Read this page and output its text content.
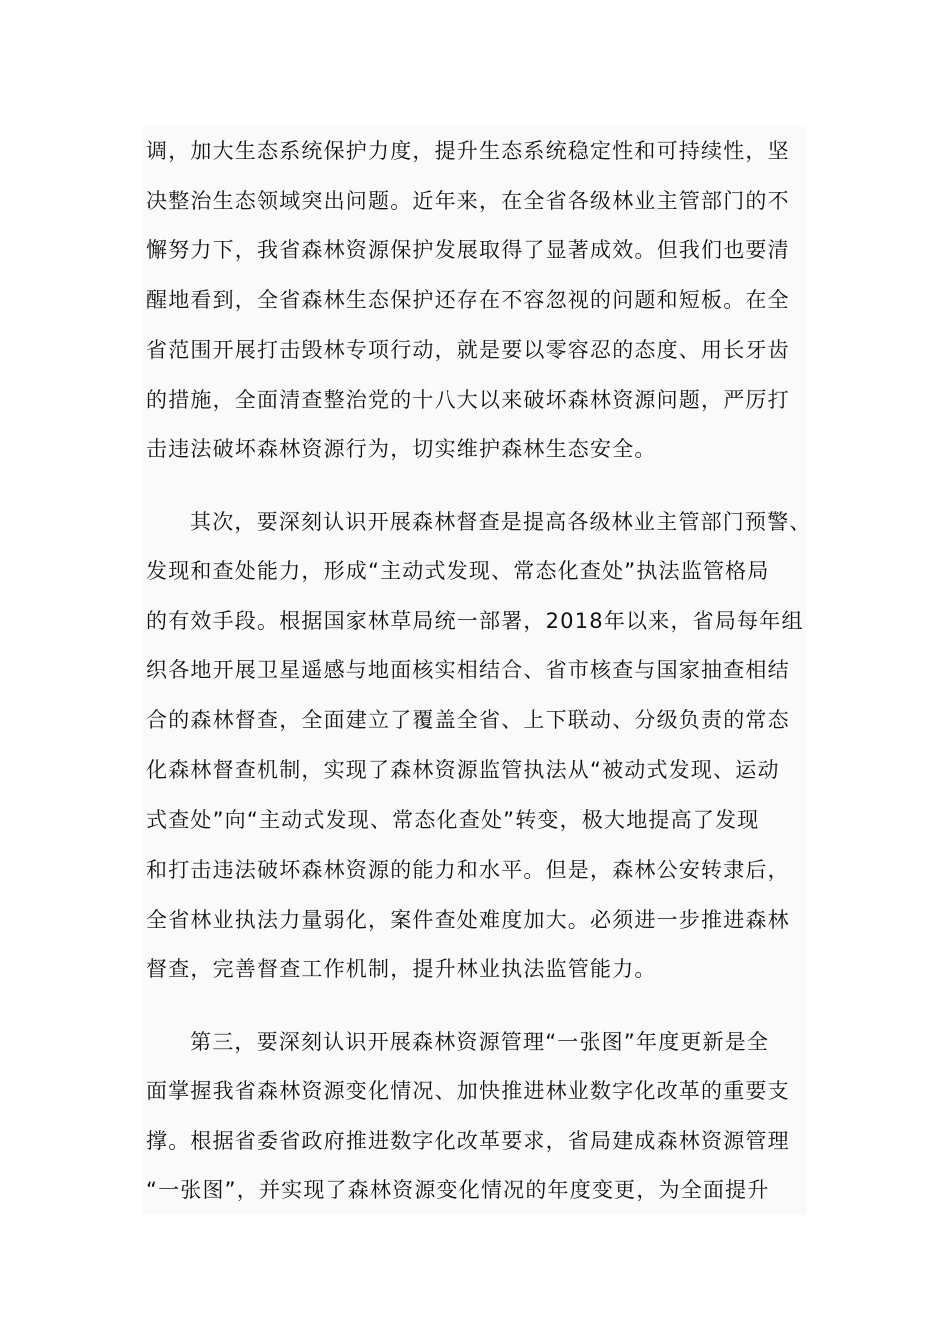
调，加大生态系统保护力度，提升生态系统稳定性和可持续性，坚
决整治生态领域突出问题。近年来，在全省各级林业主管部门的不
懈努力下，我省森林资源保护发展取得了显著成效。但我们也要清
醒地看到，全省森林生态保护还存在不容忽视的问题和短板。在全
省范围开展打击毁林专项行动，就是要以零容忍的态度、用长牙齿
的措施，全面清查整治党的十八大以来破坏森林资源问题，严厉打
击违法破坏森林资源行为，切实维护森林生态安全。
其次，要深刻认识开展森林督查是提高各级林业主管部门预警、
发现和查处能力，形成“主动式发现、常态化查处”执法监管格局
的有效手段。根据国家林草局统一部署，2018年以来，省局每年组
织各地开展卫星遥感与地面核实相结合、省市核查与国家抽查相结
合的森林督查，全面建立了覆盖全省、上下联动、分级负责的常态
化森林督查机制，实现了森林资源监管执法从“被动式发现、运动
式查处”向“主动式发现、常态化查处”转变，极大地提高了发现
和打击违法破坏森林资源的能力和水平。但是，森林公安转隶后，
全省林业执法力量弱化，案件查处难度加大。必须进一步推进森林
督查，完善督查工作机制，提升林业执法监管能力。
第三，要深刻认识开展森林资源管理“一张图”年度更新是全
面掌握我省森林资源变化情况、加快推进林业数字化改革的重要支
撑。根据省委省政府推进数字化改革要求，省局建成森林资源管理
“一张图”，并实现了森林资源变化情况的年度变更，为全面提升
